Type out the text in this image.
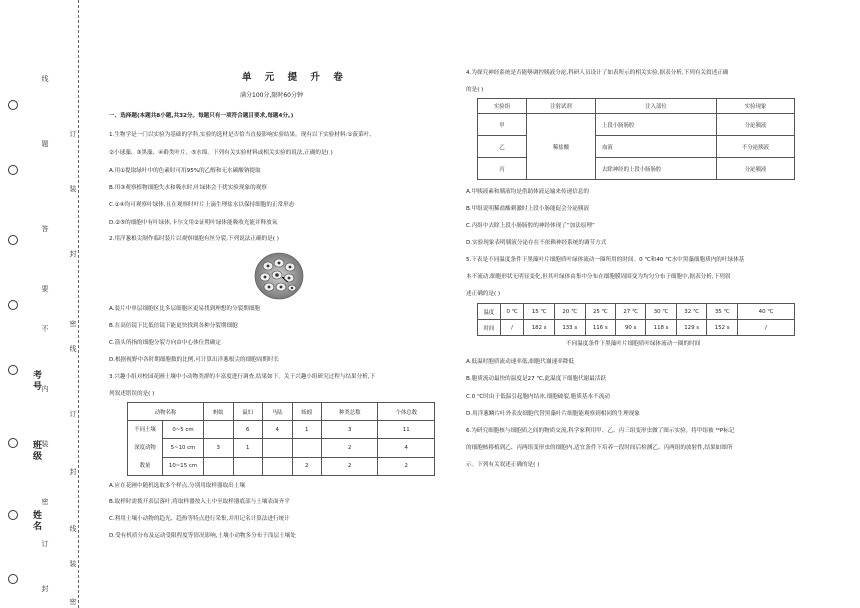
线
订
题
装
答
封
要
密
不
线
内
订
装
封
密
线
订
装
封
密
考号
班级
姓名
单 元 提 升 卷
满分100分,限时60分钟
一、选择题(本题共8小题,共32分。每题只有一项符合题目要求,每题4分。)
1.生物学是一门以实验为基础的学科,实验的选材是否恰当直接影响实验结果。现有以下实验材料:①菠菜叶、
②小球藻、③黑藻、④藓类叶片、⑤水绵。下列有关实验材料或相关实验的说法,正确的是( )
A.用①提取绿叶中的色素时可用95%的乙醇和无水碳酸钠提取
B.用③观察植物细胞失水和吸水时,叶绿体会干扰实验现象的观察
C.①④均可观察叶绿体,且在观察时叶片上滴生理盐水以保持细胞的正常形态
D.②⑤的细胞中有叶绿体,卡尔文用②证明叶绿体能吸收光能并释放氧
2.用洋葱根尖制作临时装片以观察细胞有丝分裂,下列说法正确的是( )
A.装片中单层细胞区比多层细胞区更易找到理想的分裂期细胞
B.在高倍镜下比低倍镜下能更快找到各种分裂期细胞
C.箭头所指的细胞分裂方向由中心体位置确定
D.根据视野中各时期细胞数的比例,可计算出洋葱根尖的细胞周期时长
3.兴趣小组对校园花圃土壤中小动物类群的丰富度进行调查,结果如下。关于兴趣小组研究过程与结果分析,下
列叙述错误的是( )
动物名称		蚂蚁	鼠妇	马陆	蚯蚓	种类总数	个体总数

不同土壤
深度动物
数量	0~5 cm		6	4	1	3	11
	5~10 cm	3	1			2	4
	10~15 cm				2	2	2
A.应在花圃中随机选取多个样点,分别用取样器取出土壤
B.取样时需拨开表层落叶,将取样器按入土中至取样器底部与土壤表面齐平
C.利用土壤小动物的趋光、趋热等特点进行采集,并用记名计算法进行统计
D.受有机质分布及运动受限程度等情况影响,土壤小动物多分布于浅层土壤处
4.为探究神经系统是否能够调控胰液分泌,科研人员设计了如表所示的相关实验,据表分析,下列有关叙述正确
的是( )
实验组	注射试剂	注入部位	实验现象
甲	稀盐酸	上段小肠肠腔	分泌胰液
乙		血液	不分泌胰液
丙		去除神经的上段小肠肠腔	分泌胰液
A.甲胰液素和胰液均是借助体液运输来传递信息的
B.甲组说明稀盐酸刺激时上段小肠能促会分泌胰液
C.丙组中去除上段小肠肠腔的神经体现了“加法原理”
D.实验现象表明胰液分泌存在不依赖神经系统的调节方式
5.下表是不同温度条件下黑藻叶片细胞质叶绿体流动一圈所用的时间。0 ℃和40 ℃水中黑藻细胞质内的叶绿体基
本不流动,细胞形状无明显变化,但其叶绿体由集中分布在细胞膜周围变为均匀分布于细胞中,据表分析,下列叙
述正确的是( )
温度	0 ℃	15 ℃	20 ℃	25 ℃	27 ℃	30 ℃	32 ℃	35 ℃	40 ℃
时间	/	182 s	133 s	116 s	90 s	118 s	129 s	152 s	/
不同温度条件下黑藻叶片细胞质叶绿体流动一圈的时间
A.低温时胞质流动速率低,细胞代谢速率降低
B.胞质流动最快的温度是27 ℃,此温度下细胞代谢最活跃
C.0 ℃时由于低温引起胞内结冰,细胞破裂,胞质基本不流动
D.用洋葱鳞片叶外表皮细胞代替黑藻叶片细胞能观察到相同的生理现象
6.为研究细胞核与细胞质之间的物质交流,科学家利用甲、乙、丙三组变形虫做了图示实验。将甲组被 ³²P标记
的细胞核移植到乙、丙两组变形虫的细胞内,适宜条件下培养一段时间后检测乙、丙两组的放射性,结果如图所
示。下列有关叙述正确的是( )
